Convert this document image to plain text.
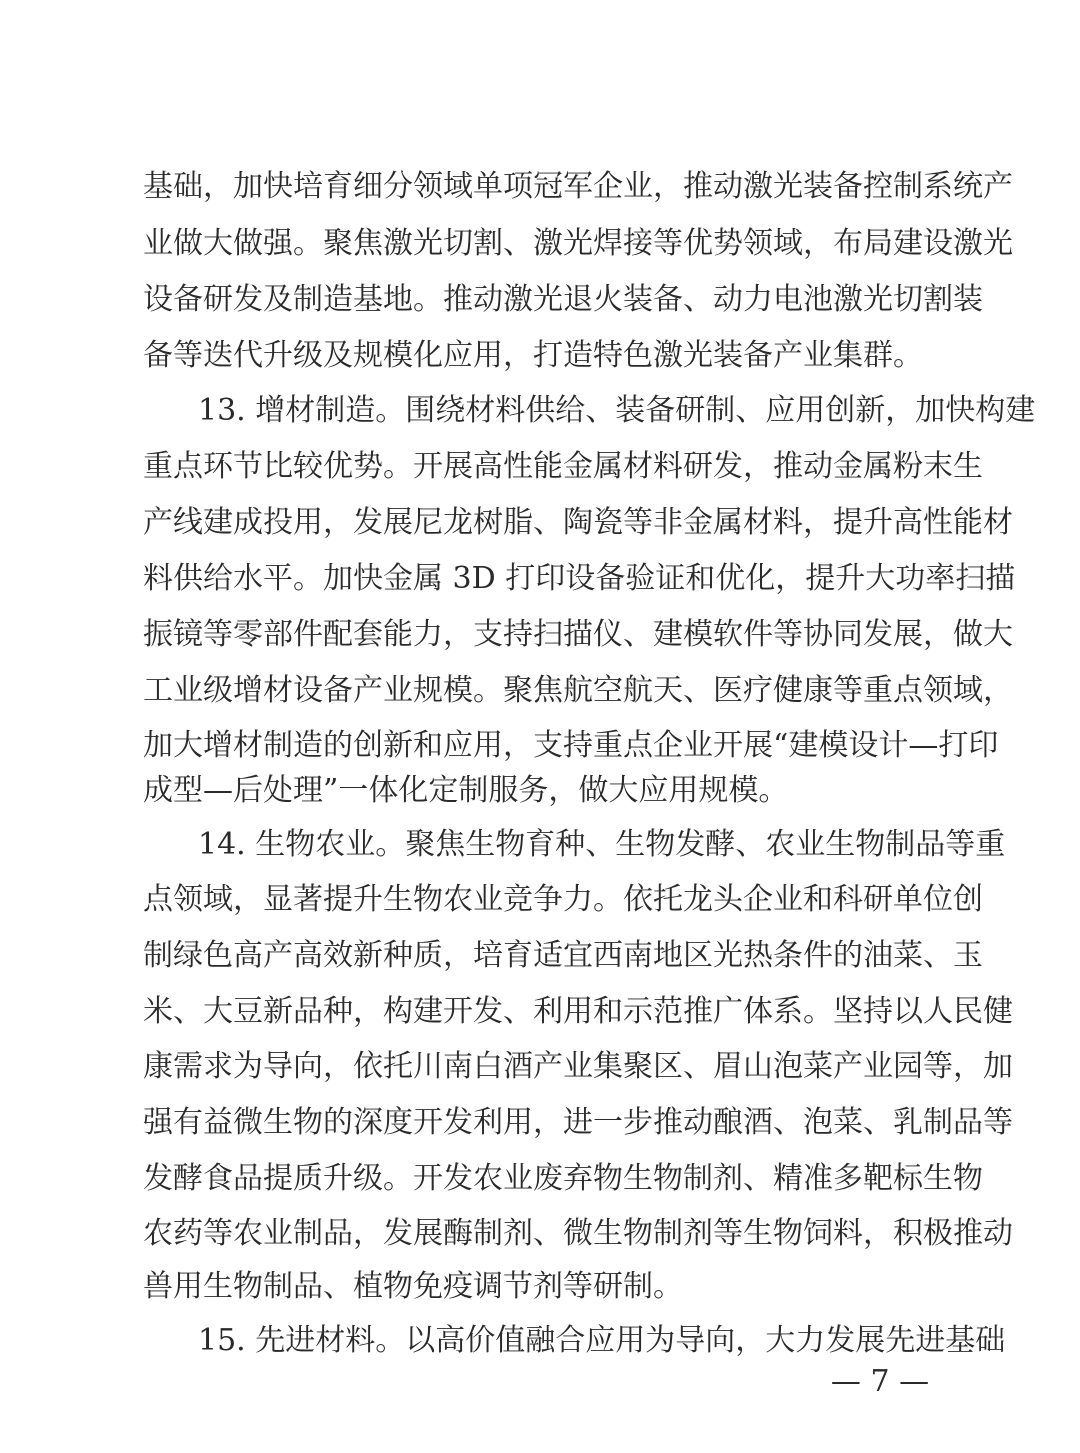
基础，加快培育细分领域单项冠军企业，推动激光装备控制系统产
业做大做强。聚焦激光切割、激光焊接等优势领域，布局建设激光
设备研发及制造基地。推动激光退火装备、动力电池激光切割装
备等迭代升级及规模化应用，打造特色激光装备产业集群。
13. 增材制造。围绕材料供给、装备研制、应用创新，加快构建
重点环节比较优势。开展高性能金属材料研发，推动金属粉末生
产线建成投用，发展尼龙树脂、陶瓷等非金属材料，提升高性能材
料供给水平。加快金属 3D 打印设备验证和优化，提升大功率扫描
振镜等零部件配套能力，支持扫描仪、建模软件等协同发展，做大
工业级增材设备产业规模。聚焦航空航天、医疗健康等重点领域，
加大增材制造的创新和应用，支持重点企业开展“建模设计—打印
成型—后处理”一体化定制服务，做大应用规模。
14. 生物农业。聚焦生物育种、生物发酵、农业生物制品等重
点领域，显著提升生物农业竞争力。依托龙头企业和科研单位创
制绿色高产高效新种质，培育适宜西南地区光热条件的油菜、玉
米、大豆新品种，构建开发、利用和示范推广体系。坚持以人民健
康需求为导向，依托川南白酒产业集聚区、眉山泡菜产业园等，加
强有益微生物的深度开发利用，进一步推动酿酒、泡菜、乳制品等
发酵食品提质升级。开发农业废弃物生物制剂、精准多靶标生物
农药等农业制品，发展酶制剂、微生物制剂等生物饲料，积极推动
兽用生物制品、植物免疫调节剂等研制。
15. 先进材料。以高价值融合应用为导向，大力发展先进基础
— 7 —
